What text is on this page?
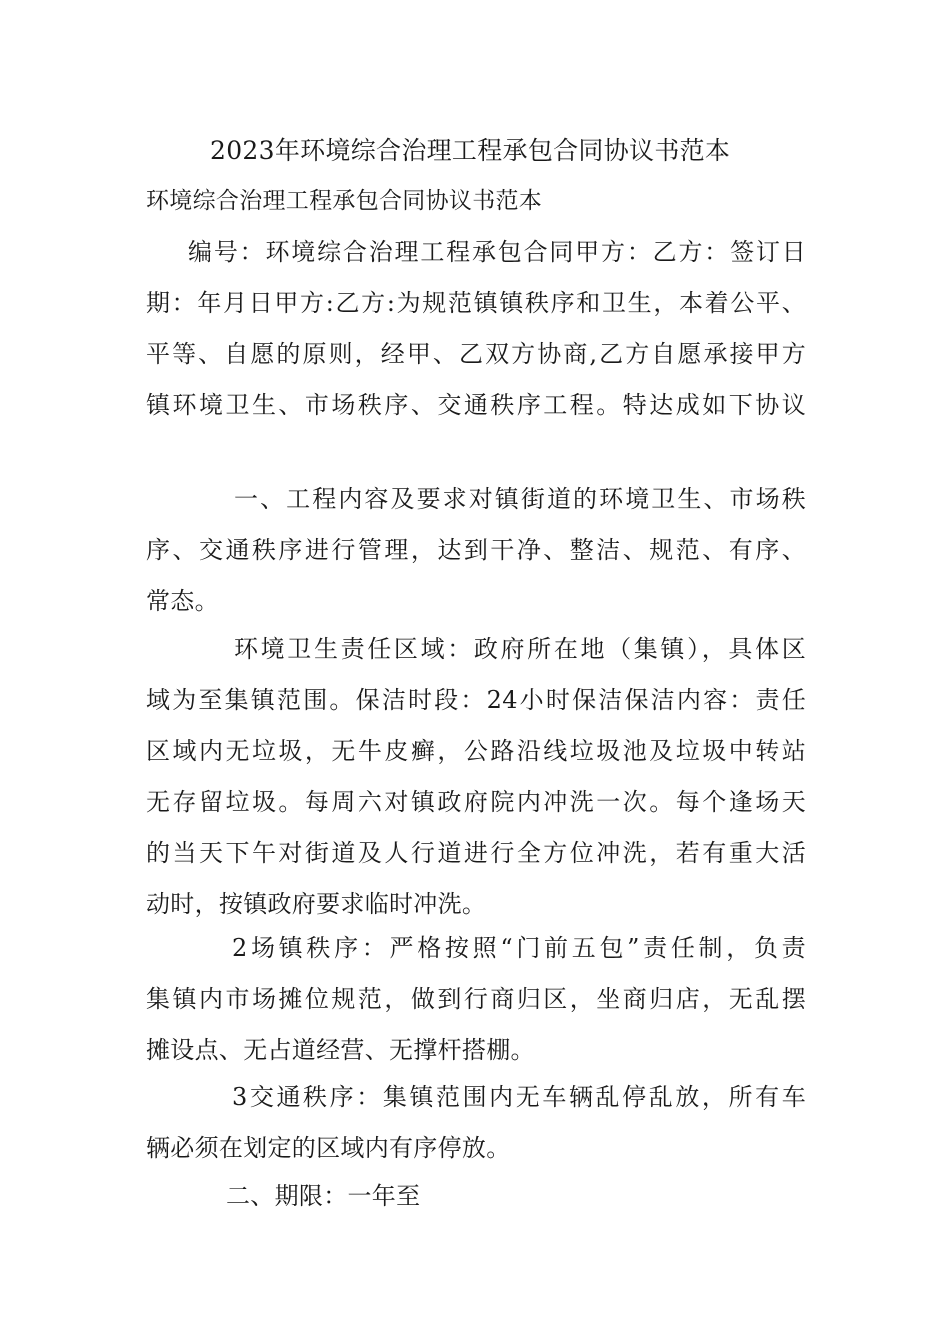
2023年环境综合治理工程承包合同协议书范本
环境综合治理工程承包合同协议书范本
编号：环境综合治理工程承包合同甲方：乙方：签订日
期：年月日甲方:乙方:为规范镇镇秩序和卫生，本着公平、
平等、自愿的原则，经甲、乙双方协商,乙方自愿承接甲方
镇环境卫生、市场秩序、交通秩序工程。特达成如下协议
一、工程内容及要求对镇街道的环境卫生、市场秩
序、交通秩序进行管理，达到干净、整洁、规范、有序、
常态。
环境卫生责任区域：政府所在地（集镇），具体区
域为至集镇范围。保洁时段：24小时保洁保洁内容：责任
区域内无垃圾，无牛皮癣，公路沿线垃圾池及垃圾中转站
无存留垃圾。每周六对镇政府院内冲洗一次。每个逢场天
的当天下午对街道及人行道进行全方位冲洗，若有重大活
动时，按镇政府要求临时冲洗。
2场镇秩序：严格按照“门前五包”责任制，负责
集镇内市场摊位规范，做到行商归区，坐商归店，无乱摆
摊设点、无占道经营、无撑杆搭棚。
3交通秩序：集镇范围内无车辆乱停乱放，所有车
辆必须在划定的区域内有序停放。
二、期限：一年至
